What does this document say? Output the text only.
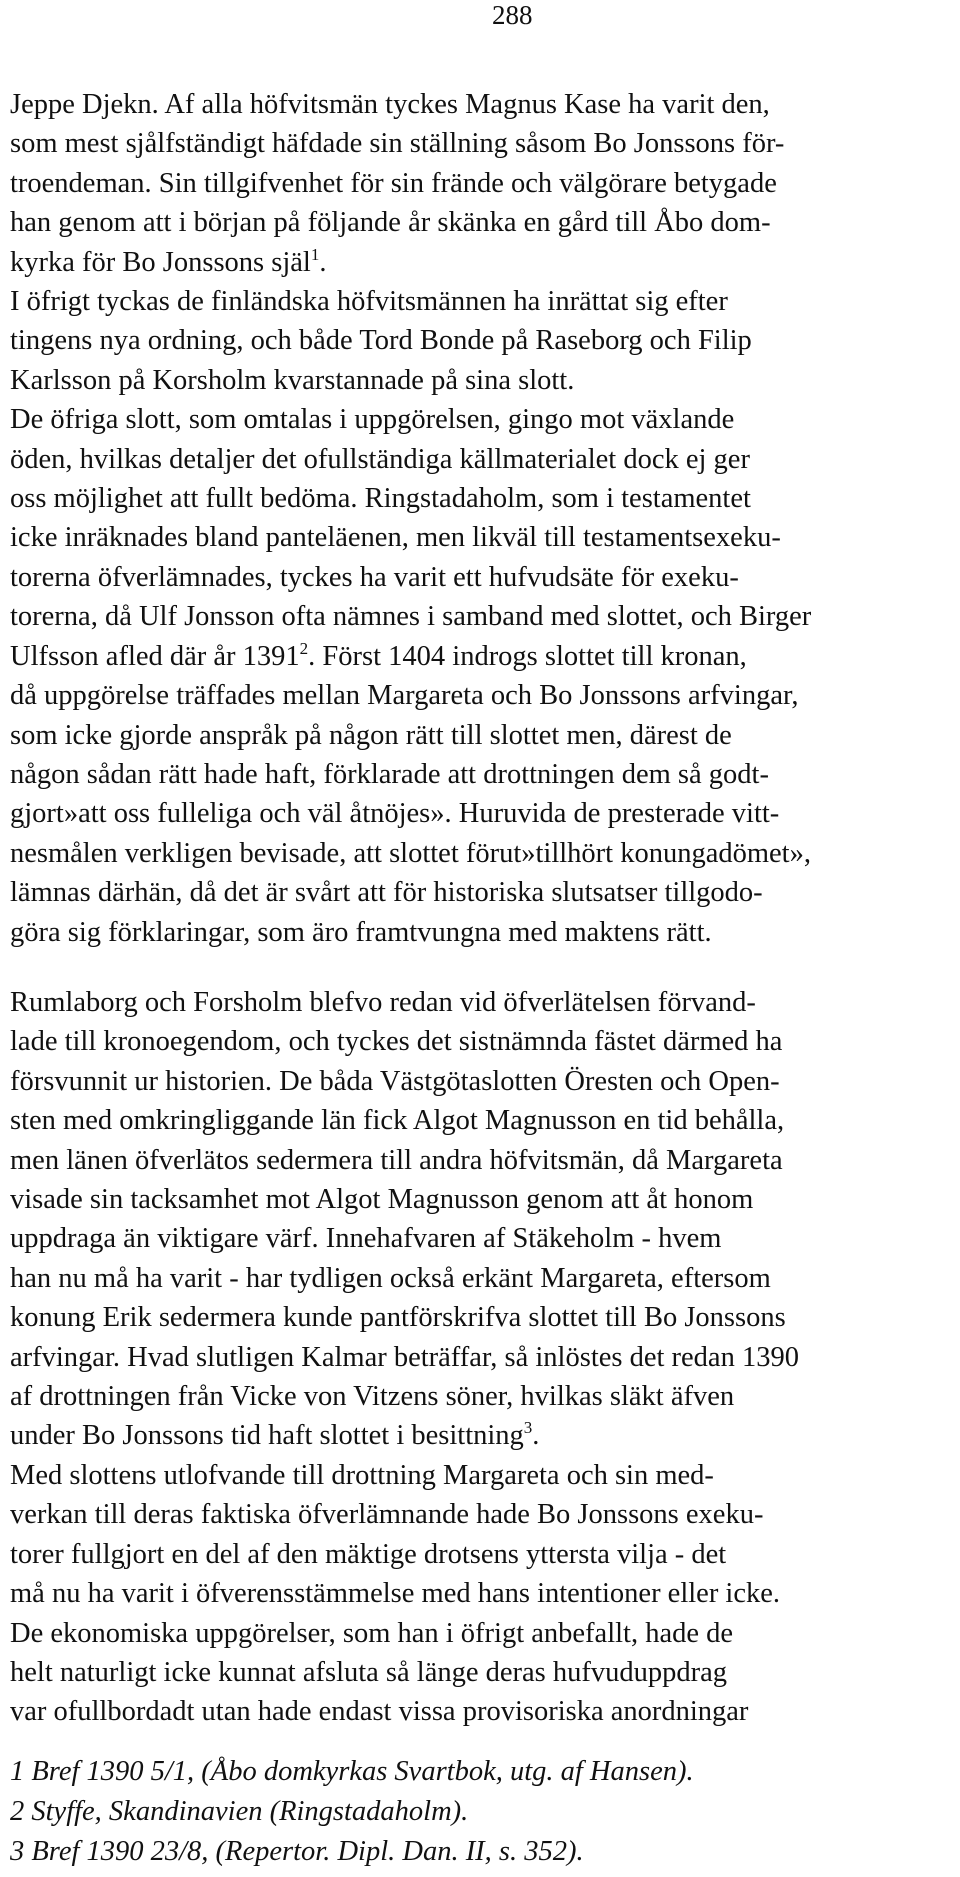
288
Jeppe Djekn. Af alla höfvitsmän tyckes Magnus Kase ha varit den,
som mest sjålfständigt häfdade sin ställning såsom Bo Jonssons för-
troendeman. Sin tillgifvenhet för sin frände och välgörare betygade
han genom att i början på följande år skänka en gård till Åbo dom-
kyrka för Bo Jonssons själ$^1$.
I öfrigt tyckas de finländska höfvitsmännen ha inrättat sig efter
tingens nya ordning, och både Tord Bonde på Raseborg och Filip
Karlsson på Korsholm kvarstannade på sina slott.
De öfriga slott, som omtalas i uppgörelsen, gingo mot växlande
öden, hvilkas detaljer det ofullständiga källmaterialet dock ej ger
oss möjlighet att fullt bedöma. Ringstadaholm, som i testamentet
icke inräknades bland panteläenen, men likväl till testamentsexeku-
torerna öfverlämnades, tyckes ha varit ett hufvudsäte för exeku-
torerna, då Ulf Jonsson ofta nämnes i samband med slottet, och Birger
Ulfsson afled där år 1391$^2$. Först 1404 indrogs slottet till kronan,
då uppgörelse träffades mellan Margareta och Bo Jonssons arfvingar,
som icke gjorde anspråk på någon rätt till slottet men, därest de
någon sådan rätt hade haft, förklarade att drottningen dem så godt-
gjort»att oss fulleliga och väl åtnöjes». Huruvida de presterade vitt-
nesmålen verkligen bevisade, att slottet förut»tillhört konungadömet»,
lämnas därhän, då det är svårt att för historiska slutsatser tillgodo-
göra sig förklaringar, som äro framtvungna med maktens rätt.
Rumlaborg och Forsholm blefvo redan vid öfverlätelsen förvand-
lade till kronoegendom, och tyckes det sistnämnda fästet därmed ha
försvunnit ur historien. De båda Västgötaslotten Öresten och Open-
sten med omkringliggande län fick Algot Magnusson en tid behålla,
men länen öfverlätos sedermera till andra höfvitsmän, då Margareta
visade sin tacksamhet mot Algot Magnusson genom att åt honom
uppdraga än viktigare värf. Innehafvaren af Stäkeholm - hvem
han nu må ha varit - har tydligen också erkänt Margareta, eftersom
konung Erik sedermera kunde pantförskrifva slottet till Bo Jonssons
arfvingar. Hvad slutligen Kalmar beträffar, så inlöstes det redan 1390
af drottningen från Vicke von Vitzens söner, hvilkas släkt äfven
under Bo Jonssons tid haft slottet i besittning$^3$.
Med slottens utlofvande till drottning Margareta och sin med-
verkan till deras faktiska öfverlämnande hade Bo Jonssons exeku-
torer fullgjort en del af den mäktige drotsens yttersta vilja - det
må nu ha varit i öfverensstämmelse med hans intentioner eller icke.
De ekonomiska uppgörelser, som han i öfrigt anbefallt, hade de
helt naturligt icke kunnat afsluta så länge deras hufvuduppdrag
var ofullbordadt utan hade endast vissa provisoriska anordningar
1 Bref 1390 5/1, (Åbo domkyrkas Svartbok, utg. af Hansen).
2 Styffe, Skandinavien (Ringstadaholm).
3 Bref 1390 23/8, (Repertor. Dipl. Dan. II, s. 352).
